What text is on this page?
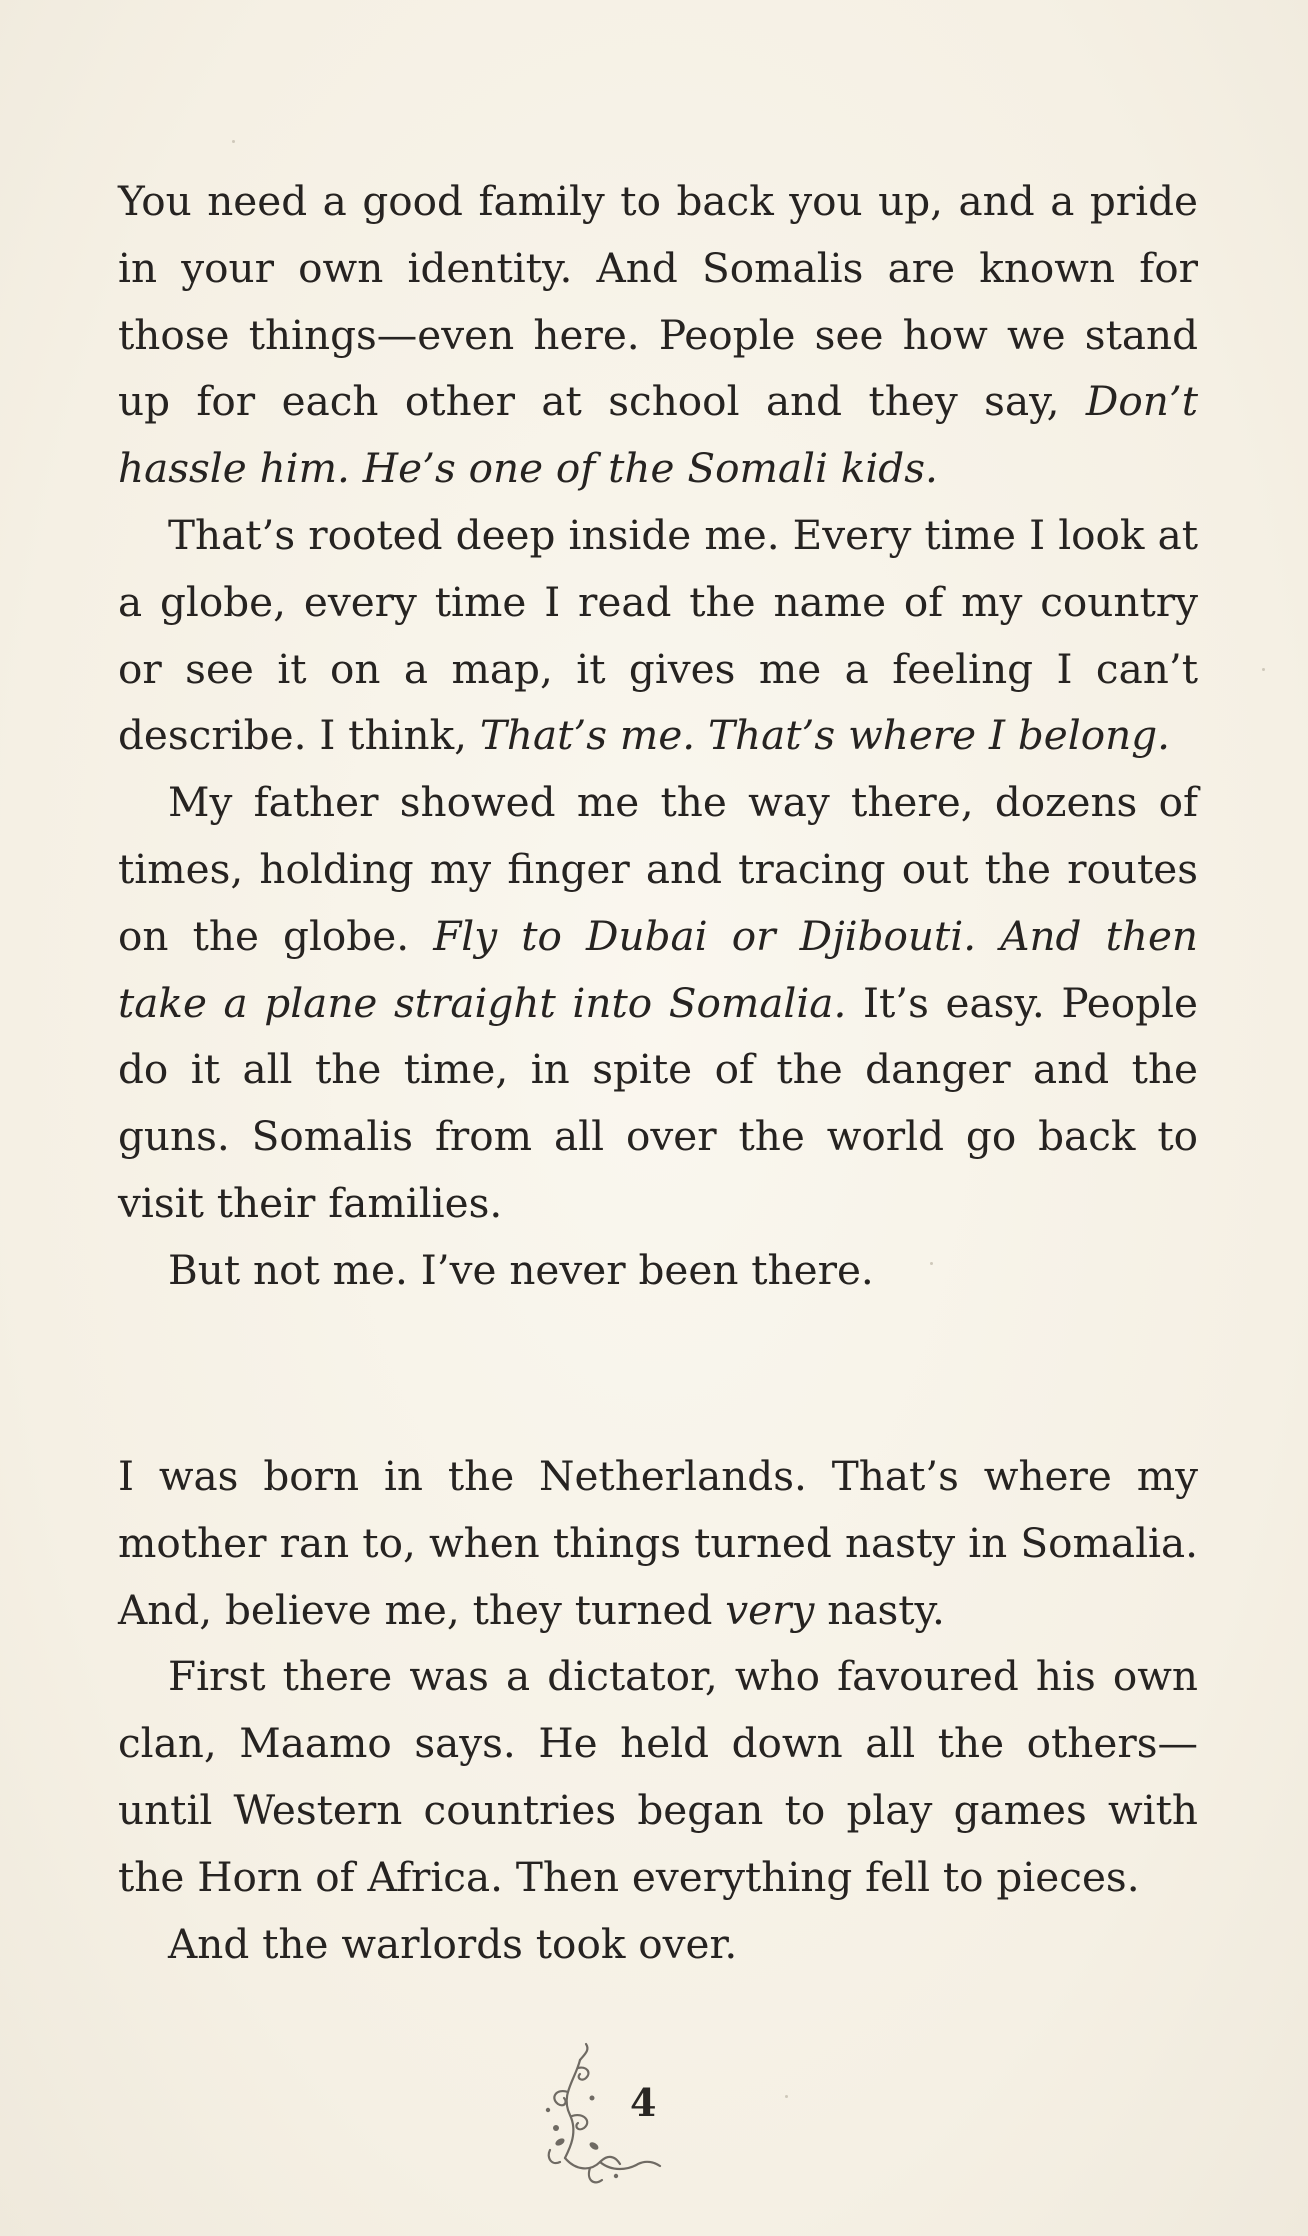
You need a good family to back you up, and a pride in your own identity. And Somalis are known for those things—even here. People see how we stand up for each other at school and they say, Don’t hassle him. He’s one of the Somali kids.

That’s rooted deep inside me. Every time I look at a globe, every time I read the name of my country or see it on a map, it gives me a feeling I can’t describe. I think, That’s me. That’s where I belong.

My father showed me the way there, dozens of times, holding my finger and tracing out the routes on the globe. Fly to Dubai or Djibouti. And then take a plane straight into Somalia. It’s easy. People do it all the time, in spite of the danger and the guns. Somalis from all over the world go back to visit their families.

But not me. I’ve never been there.

I was born in the Netherlands. That’s where my mother ran to, when things turned nasty in Somalia. And, believe me, they turned very nasty.

First there was a dictator, who favoured his own clan, Maamo says. He held down all the others—until Western countries began to play games with the Horn of Africa. Then everything fell to pieces.

And the warlords took over.

4
